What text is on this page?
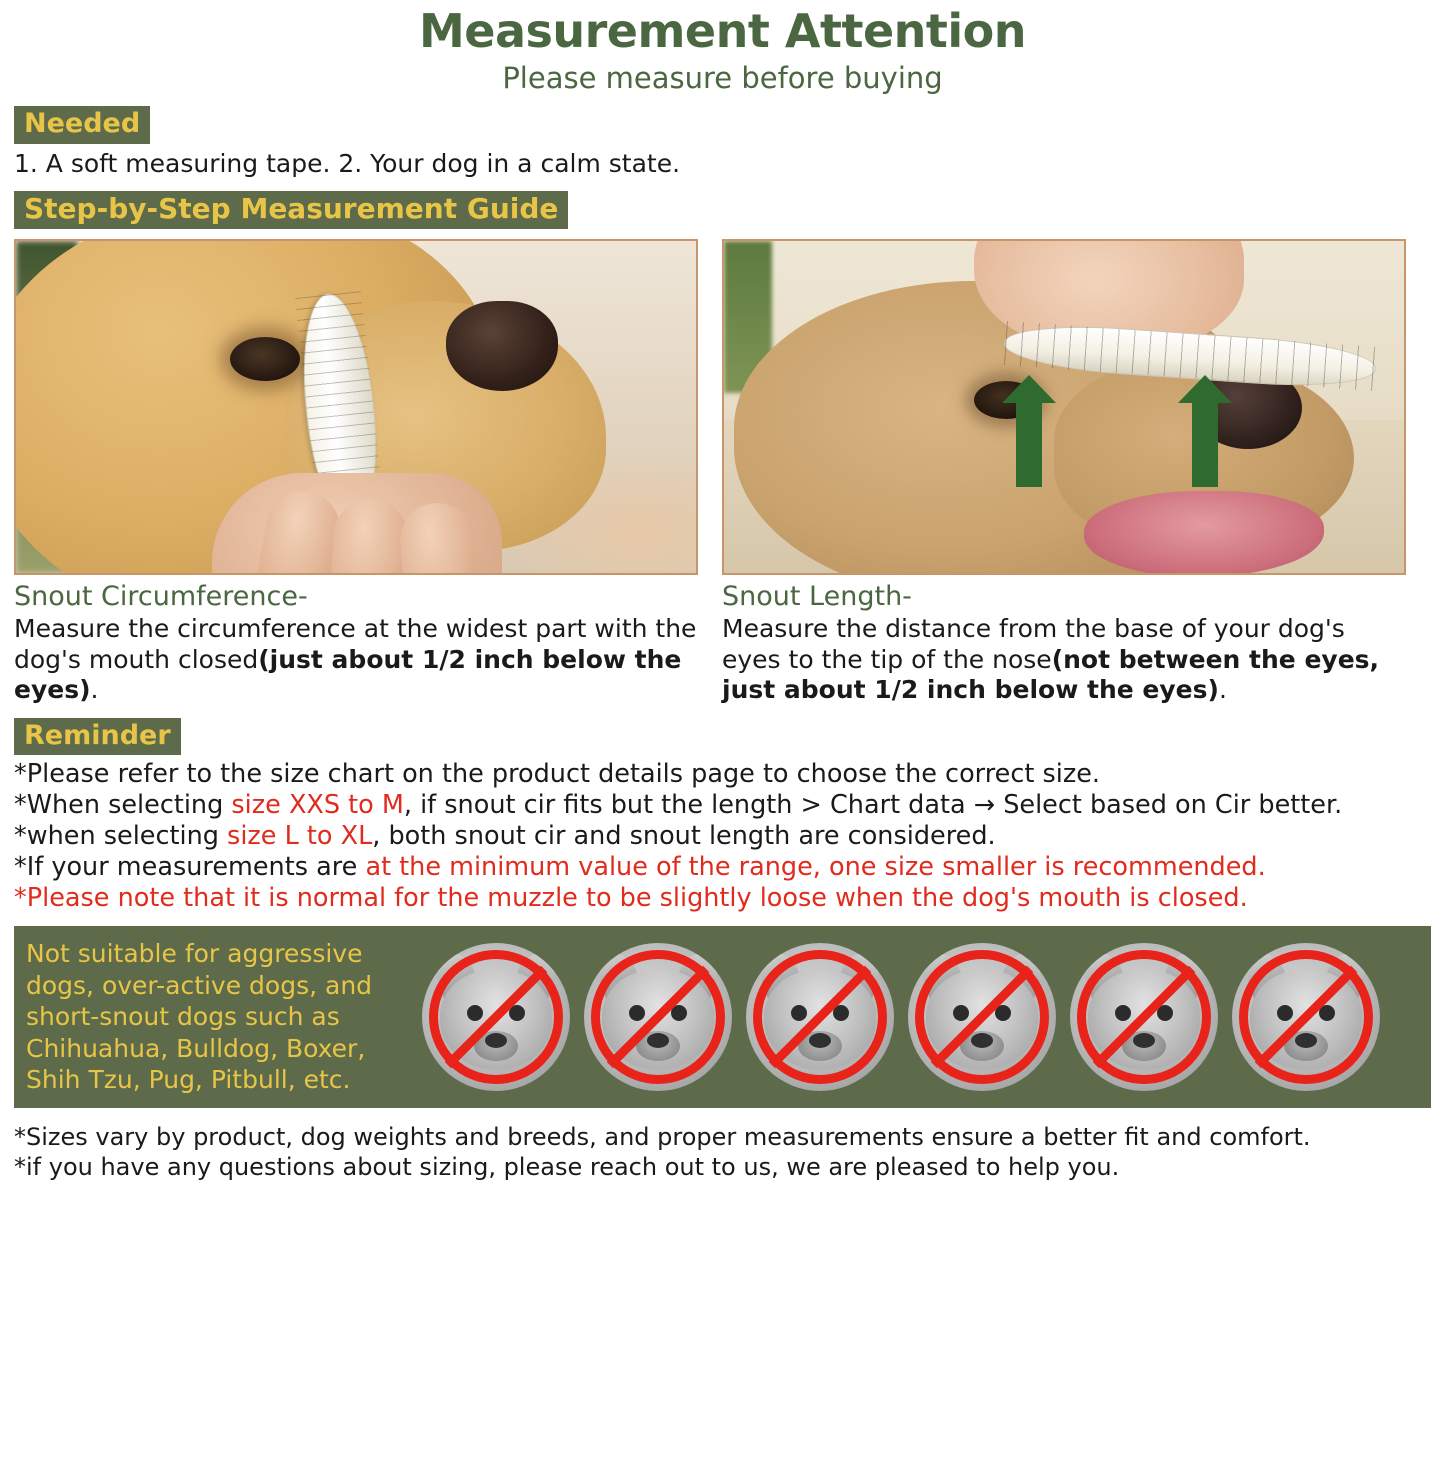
Measurement Attention
Please measure before buying
Needed
1. A soft measuring tape. 2. Your dog in a calm state.
Step-by-Step Measurement Guide
Snout Circumference-
Measure the circumference at the widest part with the dog's mouth closed(just about 1/2 inch below the eyes).
Snout Length-
Measure the distance from the base of your dog's eyes to the tip of the nose(not between the eyes, just about 1/2 inch below the eyes).
Reminder
*Please refer to the size chart on the product details page to choose the correct size.
*When selecting size XXS to M, if snout cir fits but the length > Chart data → Select based on Cir better.
*when selecting size L to XL, both snout cir and snout length are considered.
*If your measurements are at the minimum value of the range, one size smaller is recommended.
*Please note that it is normal for the muzzle to be slightly loose when the dog's mouth is closed.
Not suitable for aggressive dogs, over-active dogs, and short-snout dogs such as Chihuahua, Bulldog, Boxer, Shih Tzu, Pug, Pitbull, etc.
*Sizes vary by product, dog weights and breeds, and proper measurements ensure a better fit and comfort.
*if you have any questions about sizing, please reach out to us, we are pleased to help you.
